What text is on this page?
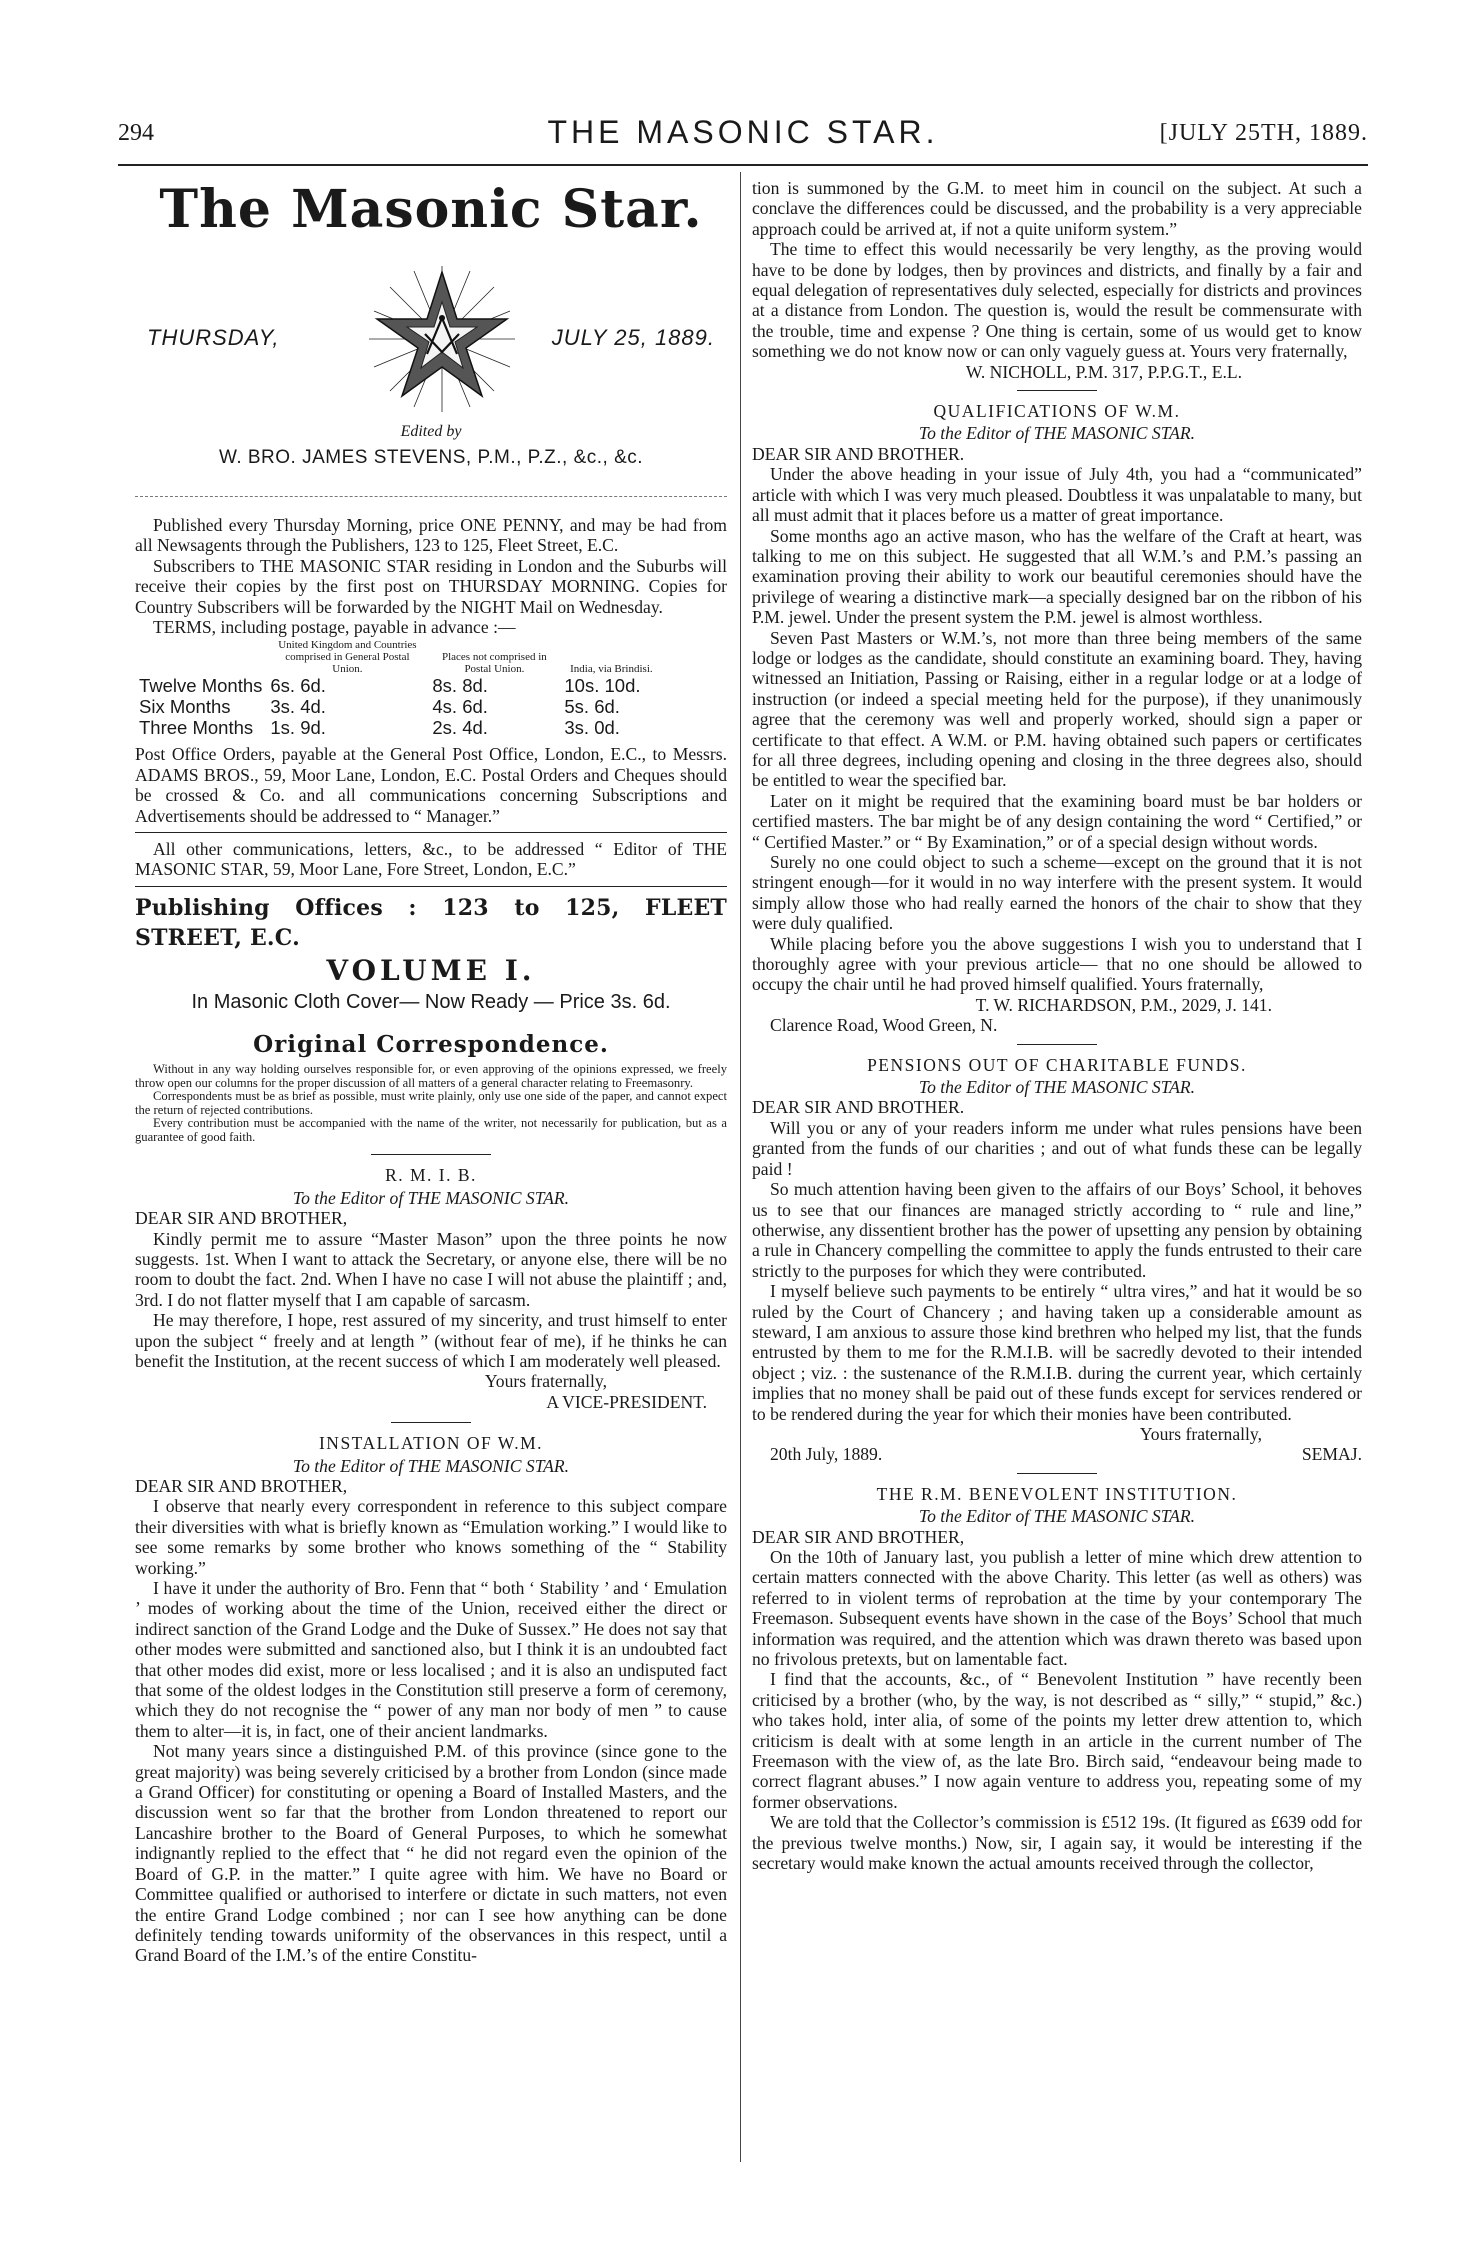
294	THE MASONIC STAR.	[JULY 25TH, 1889.
The Masonic Star.
THURSDAY,	JULY 25, 1889.
Edited by
W. BRO. JAMES STEVENS, P.M., P.Z., &c., &c.

Published every Thursday Morning, price ONE PENNY, and may be had from all Newsagents through the Publishers, 123 to 125, Fleet Street, E.C.

Subscribers to THE MASONIC STAR residing in London and the Suburbs will receive their copies by the first post on THURSDAY MORNING. Copies for Country Subscribers will be forwarded by the NIGHT Mail on Wednesday.

TERMS, including postage, payable in advance :—

	United Kingdom and Countries comprised in General Postal Union.	Places not comprised in Postal Union.	India, via Brindisi.
Twelve Months	6s. 6d.	8s. 8d.	10s. 10d.
Six Months	3s. 4d.	4s. 6d.	5s. 6d.
Three Months	1s. 9d.	2s. 4d.	3s. 0d.

Post Office Orders, payable at the General Post Office, London, E.C., to Messrs. ADAMS BROS., 59, Moor Lane, London, E.C. Postal Orders and Cheques should be crossed & Co. and all communications concerning Subscriptions and Advertisements should be addressed to “ Manager.”

All other communications, letters, &c., to be addressed “ Editor of THE MASONIC STAR, 59, Moor Lane, Fore Street, London, E.C.”

Publishing Offices : 123 to 125, FLEET STREET, E.C.
VOLUME I.
In Masonic Cloth Cover— Now Ready — Price 3s. 6d.
Original Correspondence.

Without in any way holding ourselves responsible for, or even approving of the opinions expressed, we freely throw open our columns for the proper discussion of all matters of a general character relating to Freemasonry.

Correspondents must be as brief as possible, must write plainly, only use one side of the paper, and cannot expect the return of rejected contributions.

Every contribution must be accompanied with the name of the writer, not necessarily for publication, but as a guarantee of good faith.

R. M. I. B.
To the Editor of THE MASONIC STAR.

DEAR SIR AND BROTHER,

Kindly permit me to assure “Master Mason” upon the three points he now suggests. 1st. When I want to attack the Secretary, or anyone else, there will be no room to doubt the fact. 2nd. When I have no case I will not abuse the plaintiff ; and, 3rd. I do not flatter myself that I am capable of sarcasm.

He may therefore, I hope, rest assured of my sincerity, and trust himself to enter upon the subject “ freely and at length ” (without fear of me), if he thinks he can benefit the Institution, at the recent success of which I am moderately well pleased.

Yours fraternally,
A VICE-PRESIDENT.
INSTALLATION OF W.M.
To the Editor of THE MASONIC STAR.

DEAR SIR AND BROTHER,

I observe that nearly every correspondent in reference to this subject compare their diversities with what is briefly known as “Emulation working.” I would like to see some remarks by some brother who knows something of the “ Stability working.”

I have it under the authority of Bro. Fenn that “ both ‘ Stability ’ and ‘ Emulation ’ modes of working about the time of the Union, received either the direct or indirect sanction of the Grand Lodge and the Duke of Sussex.” He does not say that other modes were submitted and sanctioned also, but I think it is an undoubted fact that other modes did exist, more or less localised ; and it is also an undisputed fact that some of the oldest lodges in the Constitution still preserve a form of ceremony, which they do not recognise the “ power of any man nor body of men ” to cause them to alter—it is, in fact, one of their ancient landmarks.

Not many years since a distinguished P.M. of this province (since gone to the great majority) was being severely criticised by a brother from London (since made a Grand Officer) for constituting or opening a Board of Installed Masters, and the discussion went so far that the brother from London threatened to report our Lancashire brother to the Board of General Purposes, to which he somewhat indignantly replied to the effect that “ he did not regard even the opinion of the Board of G.P. in the matter.” I quite agree with him. We have no Board or Committee qualified or authorised to interfere or dictate in such matters, not even the entire Grand Lodge combined ; nor can I see how anything can be done definitely tending towards uniformity of the observances in this respect, until a Grand Board of the I.M.’s of the entire Constitu-

tion is summoned by the G.M. to meet him in council on the subject. At such a conclave the differences could be discussed, and the probability is a very appreciable approach could be arrived at, if not a quite uniform system.”

The time to effect this would necessarily be very lengthy, as the proving would have to be done by lodges, then by provinces and districts, and finally by a fair and equal delegation of representatives duly selected, especially for districts and provinces at a distance from London. The question is, would the result be commensurate with the trouble, time and expense ? One thing is certain, some of us would get to know something we do not know now or can only vaguely guess at. Yours very fraternally,

W. NICHOLL, P.M. 317, P.P.G.T., E.L.
QUALIFICATIONS OF W.M.
To the Editor of THE MASONIC STAR.

DEAR SIR AND BROTHER.

Under the above heading in your issue of July 4th, you had a “communicated” article with which I was very much pleased. Doubtless it was unpalatable to many, but all must admit that it places before us a matter of great importance.

Some months ago an active mason, who has the welfare of the Craft at heart, was talking to me on this subject. He suggested that all W.M.’s and P.M.’s passing an examination proving their ability to work our beautiful ceremonies should have the privilege of wearing a distinctive mark—a specially designed bar on the ribbon of his P.M. jewel. Under the present system the P.M. jewel is almost worthless.

Seven Past Masters or W.M.’s, not more than three being members of the same lodge or lodges as the candidate, should constitute an examining board. They, having witnessed an Initiation, Passing or Raising, either in a regular lodge or at a lodge of instruction (or indeed a special meeting held for the purpose), if they unanimously agree that the ceremony was well and properly worked, should sign a paper or certificate to that effect. A W.M. or P.M. having obtained such papers or certificates for all three degrees, including opening and closing in the three degrees also, should be entitled to wear the specified bar.

Later on it might be required that the examining board must be bar holders or certified masters. The bar might be of any design containing the word “ Certified,” or “ Certified Master.” or “ By Examination,” or of a special design without words.

Surely no one could object to such a scheme—except on the ground that it is not stringent enough—for it would in no way interfere with the present system. It would simply allow those who had really earned the honors of the chair to show that they were duly qualified.

While placing before you the above suggestions I wish you to understand that I thoroughly agree with your previous article— that no one should be allowed to occupy the chair until he had proved himself qualified. Yours fraternally,

T. W. RICHARDSON, P.M., 2029, J. 141.

Clarence Road, Wood Green, N.

PENSIONS OUT OF CHARITABLE FUNDS.
To the Editor of THE MASONIC STAR.

DEAR SIR AND BROTHER.

Will you or any of your readers inform me under what rules pensions have been granted from the funds of our charities ; and out of what funds these can be legally paid !

So much attention having been given to the affairs of our Boys’ School, it behoves us to see that our finances are managed strictly according to “ rule and line,” otherwise, any dissentient brother has the power of upsetting any pension by obtaining a rule in Chancery compelling the committee to apply the funds entrusted to their care strictly to the purposes for which they were contributed.

I myself believe such payments to be entirely “ ultra vires,” and hat it would be so ruled by the Court of Chancery ; and having taken up a considerable amount as steward, I am anxious to assure those kind brethren who helped my list, that the funds entrusted by them to me for the R.M.I.B. will be sacredly devoted to their intended object ; viz. : the sustenance of the R.M.I.B. during the current year, which certainly implies that no money shall be paid out of these funds except for services rendered or to be rendered during the year for which their monies have been contributed.

Yours fraternally,
20th July, 1889.	SEMAJ.
THE R.M. BENEVOLENT INSTITUTION.
To the Editor of THE MASONIC STAR.

DEAR SIR AND BROTHER,

On the 10th of January last, you publish a letter of mine which drew attention to certain matters connected with the above Charity. This letter (as well as others) was referred to in violent terms of reprobation at the time by your contemporary The Freemason. Subsequent events have shown in the case of the Boys’ School that much information was required, and the attention which was drawn thereto was based upon no frivolous pretexts, but on lamentable fact.

I find that the accounts, &c., of “ Benevolent Institution ” have recently been criticised by a brother (who, by the way, is not described as “ silly,” “ stupid,” &c.) who takes hold, inter alia, of some of the points my letter drew attention to, which criticism is dealt with at some length in an article in the current number of The Freemason with the view of, as the late Bro. Birch said, “endeavour being made to correct flagrant abuses.” I now again venture to address you, repeating some of my former observations.

We are told that the Collector’s commission is £512 19s. (It figured as £639 odd for the previous twelve months.) Now, sir, I again say, it would be interesting if the secretary would make known the actual amounts received through the collector,
